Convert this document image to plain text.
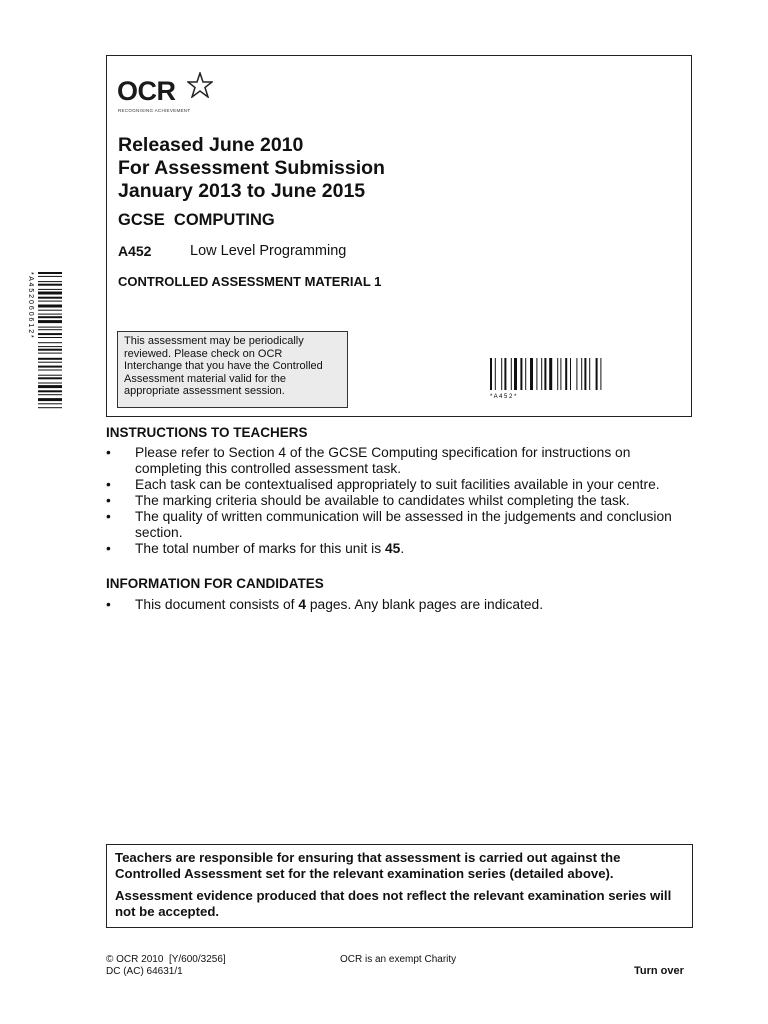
OCR
RECOGNISING ACHIEVEMENT
Released June 2010
For Assessment Submission
January 2013 to June 2015
GCSE  COMPUTING
A452	Low Level Programming
CONTROLLED ASSESSMENT MATERIAL 1
This assessment may be periodically
reviewed. Please check on OCR
Interchange that you have the Controlled
Assessment material valid for the
appropriate assessment session.	* A 4 5 2 *
* A 4 5 2 0 6 0 6 1 2 *
INSTRUCTIONS TO TEACHERS
• Please refer to Section 4 of the GCSE Computing specification for instructions on
completing this controlled assessment task.
• Each task can be contextualised appropriately to suit facilities available in your centre.
• The marking criteria should be available to candidates whilst completing the task.
• The quality of written communication will be assessed in the judgements and conclusion
section.
• The total number of marks for this unit is 45.
INFORMATION FOR CANDIDATES
• This document consists of 4 pages. Any blank pages are indicated.

Teachers are responsible for ensuring that assessment is carried out against the Controlled Assessment set for the relevant examination series (detailed above).

Assessment evidence produced that does not reflect the relevant examination series will not be accepted.

© OCR 2010  [Y/600/3256]
DC (AC) 64631/1
OCR is an exempt Charity
Turn over
